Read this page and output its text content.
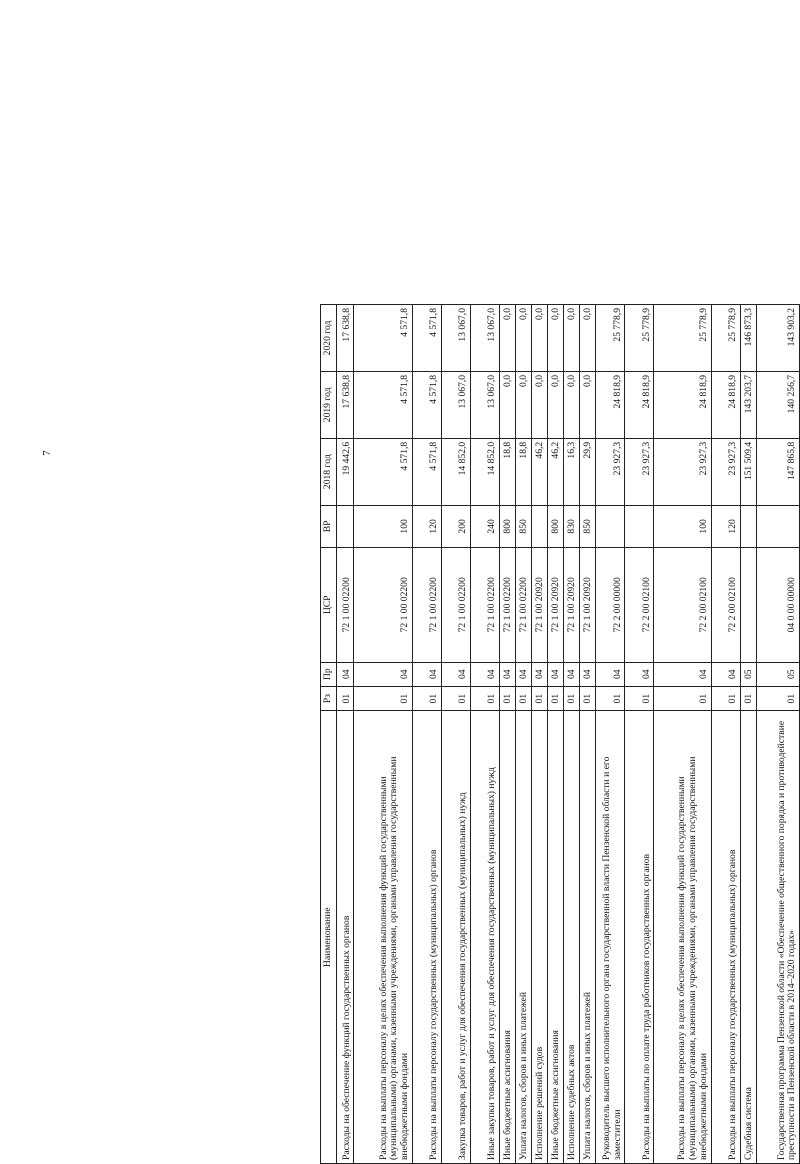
7
Наименование	Рз	Пр	ЦСР	ВР	2018 год	2019 год	2020 год
Расходы на обеспечение функций государственных органов	01	04	72 1 00 02200		19 442,6	17 638,8	17 638,8
Расходы на выплаты персоналу в целях обеспечения выполнения функций государственными (муниципальными) органами, казенными учреждениями, органами управления государственными внебюджетными фондами	01	04	72 1 00 02200	100	4 571,8	4 571,8	4 571,8
Расходы на выплаты персоналу государственных (муниципальных) органов	01	04	72 1 00 02200	120	4 571,8	4 571,8	4 571,8
Закупка товаров, работ и услуг для обеспечения государственных (муниципальных) нужд	01	04	72 1 00 02200	200	14 852,0	13 067,0	13 067,0
Иные закупки товаров, работ и услуг для обеспечения государственных (муниципальных) нужд	01	04	72 1 00 02200	240	14 852,0	13 067,0	13 067,0
Иные бюджетные ассигнования	01	04	72 1 00 02200	800	18,8	0,0	0,0
Уплата налогов, сборов и иных платежей	01	04	72 1 00 02200	850	18,8	0,0	0,0
Исполнение решений судов	01	04	72 1 00 20920		46,2	0,0	0,0
Иные бюджетные ассигнования	01	04	72 1 00 20920	800	46,2	0,0	0,0
Исполнение судебных актов	01	04	72 1 00 20920	830	16,3	0,0	0,0
Уплата налогов, сборов и иных платежей	01	04	72 1 00 20920	850	29,9	0,0	0,0
Руководитель высшего исполнительного органа государственной власти Пензенской области и его заместители	01	04	72 2 00 00000		23 927,3	24 818,9	25 778,9
Расходы на выплаты по оплате труда работников государственных органов	01	04	72 2 00 02100		23 927,3	24 818,9	25 778,9
Расходы на выплаты персоналу в целях обеспечения выполнения функций государственными (муниципальными) органами, казенными учреждениями, органами управления государственными внебюджетными фондами	01	04	72 2 00 02100	100	23 927,3	24 818,9	25 778,9
Расходы на выплаты персоналу государственных (муниципальных) органов	01	04	72 2 00 02100	120	23 927,3	24 818,9	25 778,9
Судебная система	01	05			151 509,4	143 203,7	146 873,3
Государственная программа Пензенской области «Обеспечение общественного порядка и противодействие преступности в Пензенской области в 2014–2020 годах»	01	05	04 0 00 00000		147 865,8	140 256,7	143 903,2
